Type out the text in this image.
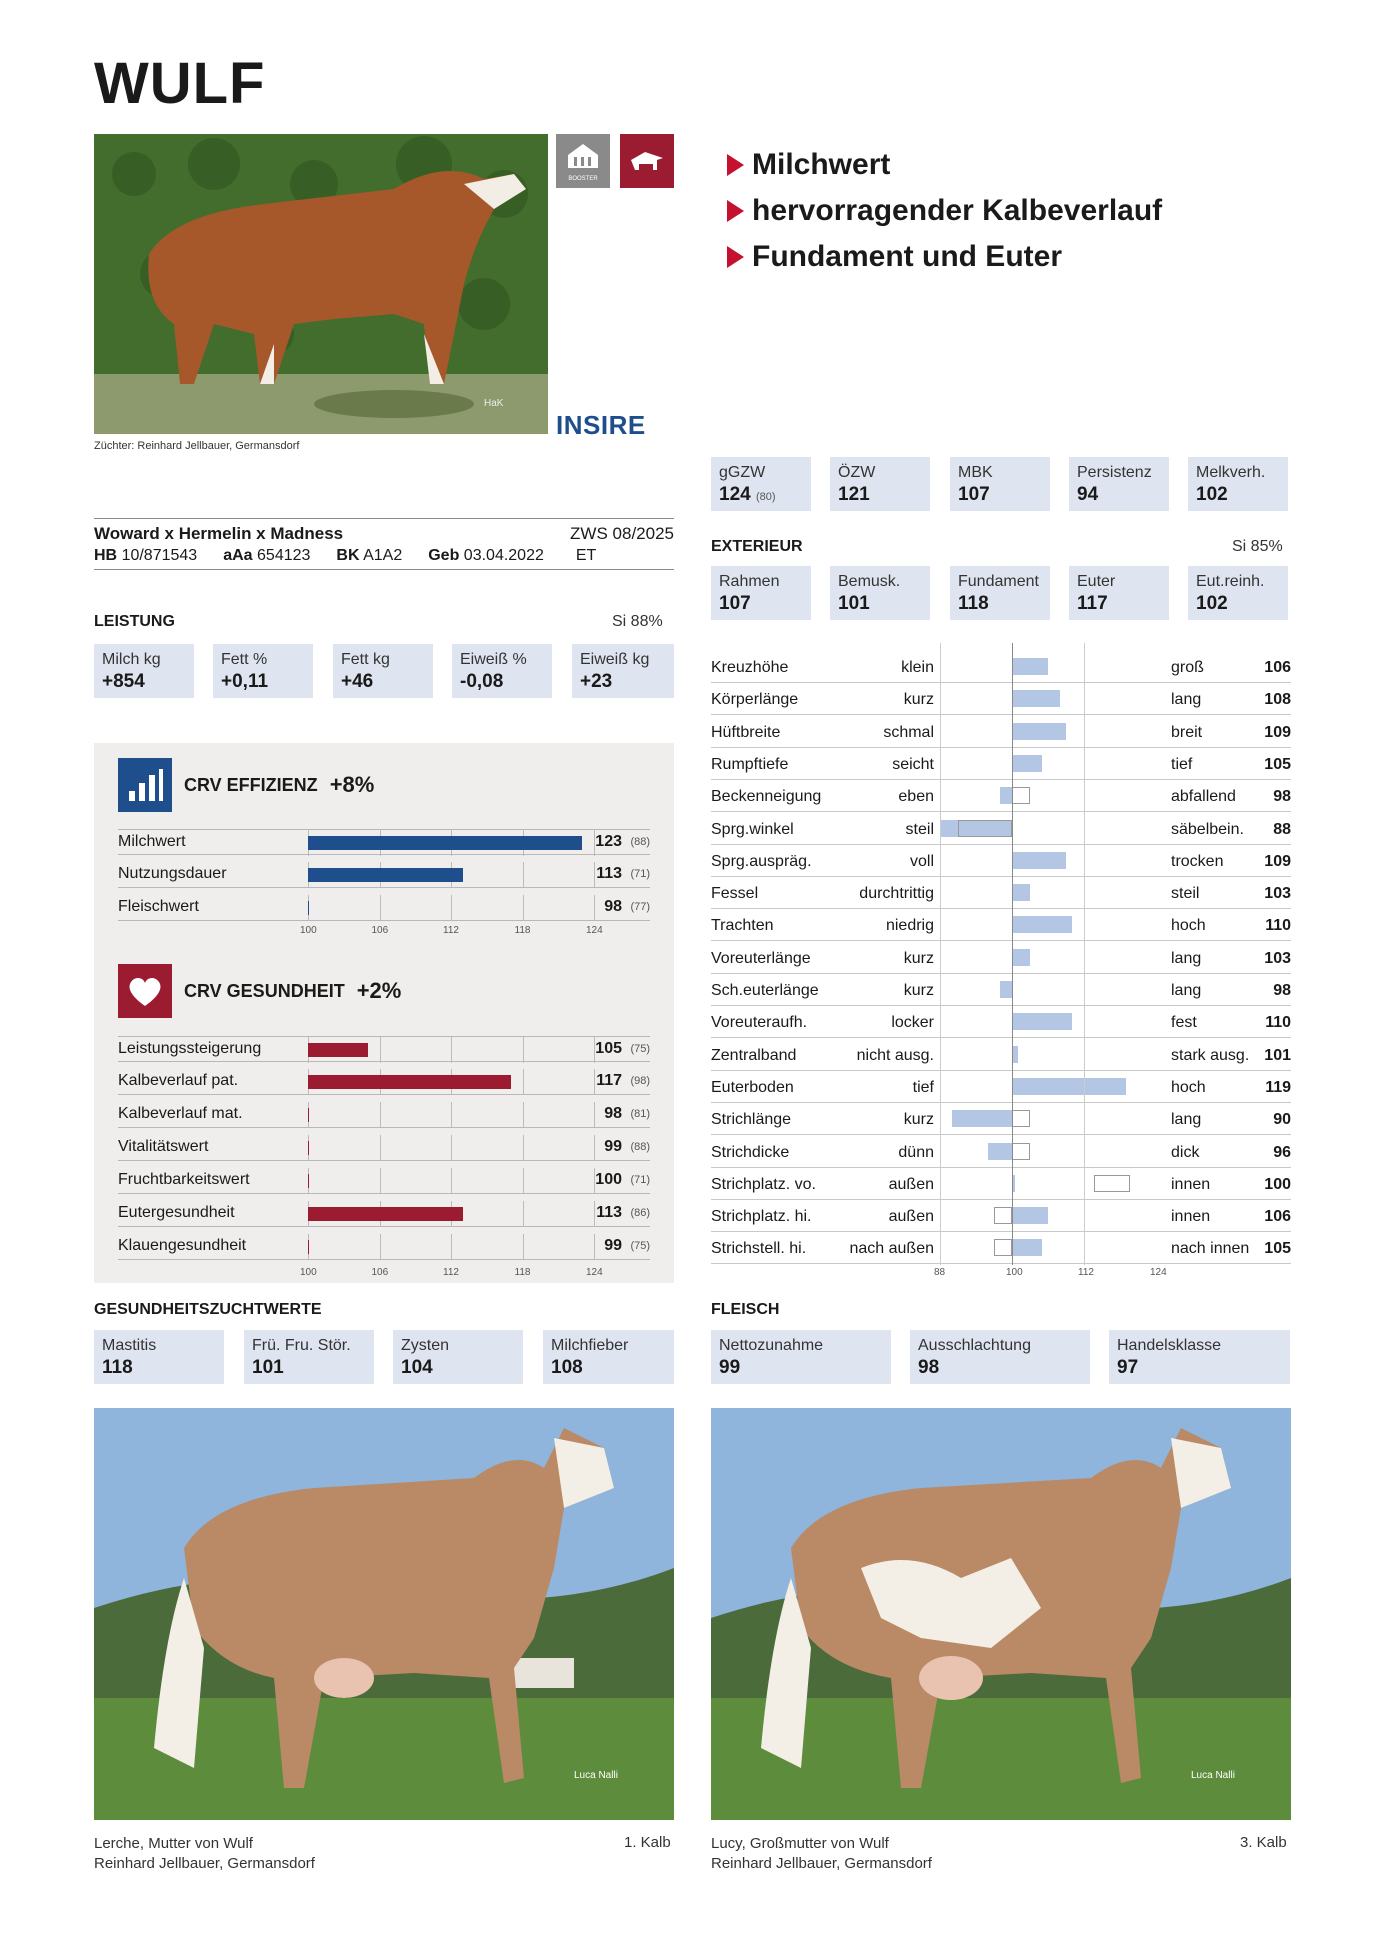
WULF
HaK
Züchter: Reinhard Jellbauer, Germansdorf
BOOSTER
INSIRE
Milchwert
hervorragender Kalbeverlauf
Fundament und Euter
gGZW
124 (80)
ÖZW
121
MBK
107
Persistenz
94
Melkverh.
102
Woward x Hermelin x Madness	ZWS 08/2025
HB 10/871543 aAa 654123 BK A1A2 Geb 03.04.2022 ET
EXTERIEUR	Si 85%
Rahmen
107
Bemusk.
101
Fundament
118
Euter
117
Eut.reinh.
102
LEISTUNG	Si 88%
Milch kg
+854
Fett %
+0,11
Fett kg
+46
Eiweiß %
-0,08
Eiweiß kg
+23
CRV EFFIZIENZ +8%
CRV GESUNDHEIT +2%
Milchwert	123 (88)
Nutzungsdauer	113 (71)
Fleischwert	98 (77)
100	106	112	118	124
Leistungssteigerung	105 (75)
Kalbeverlauf pat.	117 (98)
Kalbeverlauf mat.	98 (81)
Vitalitätswert	99 (88)
Fruchtbarkeitswert	100 (71)
Eutergesundheit	113 (86)
Klauengesundheit	99 (75)
100	106	112	118	124
GESUNDHEITSZUCHTWERTE
Mastitis
118
Frü. Fru. Stör.
101
Zysten
104
Milchfieber
108
FLEISCH
Nettozunahme
99
Ausschlachtung
98
Handelsklasse
97
Luca Nalli	Luca Nalli
Lerche, Mutter von Wulf
Reinhard Jellbauer, Germansdorf
1. Kalb	Lucy, Großmutter von Wulf
Reinhard Jellbauer, Germansdorf
3. Kalb
Kreuzhöhe	klein	groß	106
Körperlänge	kurz	lang	108
Hüftbreite	schmal	breit	109
Rumpftiefe	seicht	tief	105
Beckenneigung	eben	abfallend 98
Sprg.winkel	steil	säbelbein. 88
Sprg.auspräg.	voll	trocken	109
Fessel	durchtrittig	steil	103
Trachten	niedrig	hoch	110
Voreuterlänge	kurz	lang	103
Sch.euterlänge	kurz	lang	98
Voreuteraufh.	locker	fest	110
Zentralband	nicht ausg.	stark ausg. 101
Euterboden	tief	hoch	119
Strichlänge	kurz	lang	90
Strichdicke	dünn	dick	96
Strichplatz. vo.	außen	innen	100
Strichplatz. hi.	außen	innen	106
Strichstell. hi.	nach außen	nach innen 105
88	100	112	124
